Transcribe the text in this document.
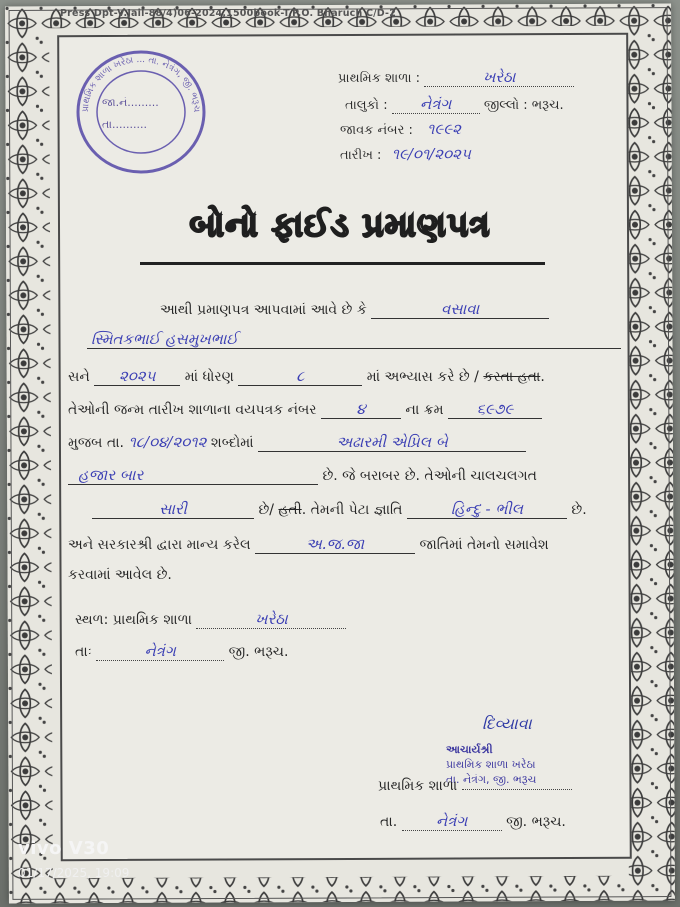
Press Dpt-V.Jail-88/4)06-2024,1500book-T.P.O. Bharuch C/D-2
પ્રાથમિક શાળા ખરેઠા ... તા. નેત્રંગ, જી. ભરૂચ
જા.નં.........
તા..........
પ્રાથમિક શાળા :	ખરેઠા
તાલુકો : નેત્રંગ જીલ્લો : ભરૂચ.
જાવક નંબર : ૧૯૯૨
તારીખ : ૧૯/૦૧/૨૦૨૫
બોનો ફાઈડ પ્રમાણપત્ર
આથી પ્રમાણપત્ર આપવામાં આવે છે કે	વસાવા
સ્મિતકભાઈ હસમુખભાઈ
સને ૨૦૨૫ માં ધોરણ	૮	માં અભ્યાસ કરે છે / કરતા હતા.
તેઓની જન્મ તારીખ શાળાના વયપત્રક નંબર	૪	ના ક્રમ ૬૯૭૯
મુજબ તા. ૧૮/૦૪/૨૦૧૨ શબ્દોમાં	અઢારમી એપ્રિલ બે
હજાર બાર	છે. જે બરાબર છે. તેઓની ચાલચલગત
સારી	છે/ હતી. તેમની પેટા જ્ઞાતિ	હિન્દુ - ભીલ	છે.
અને સરકારશ્રી દ્વારા માન્ય કરેલ	અ.જ.જા	જાતિમાં તેમનો સમાવેશ
કરવામાં આવેલ છે.
સ્થળ: પ્રાથમિક શાળા	ખરેઠા
તાઃ	નેત્રંગ	જી. ભરૂચ.
દિવ્યાવા
આચાર્યશ્રી
પ્રાથમિક શાળા ખરેઠા
તા. નેત્રંગ, જી. ભરૂચ
પ્રાથમિક શાળા
તા.	નેત્રંગ	જી. ભરૂચ.
vivo V30
01/17/2025, 19:09
